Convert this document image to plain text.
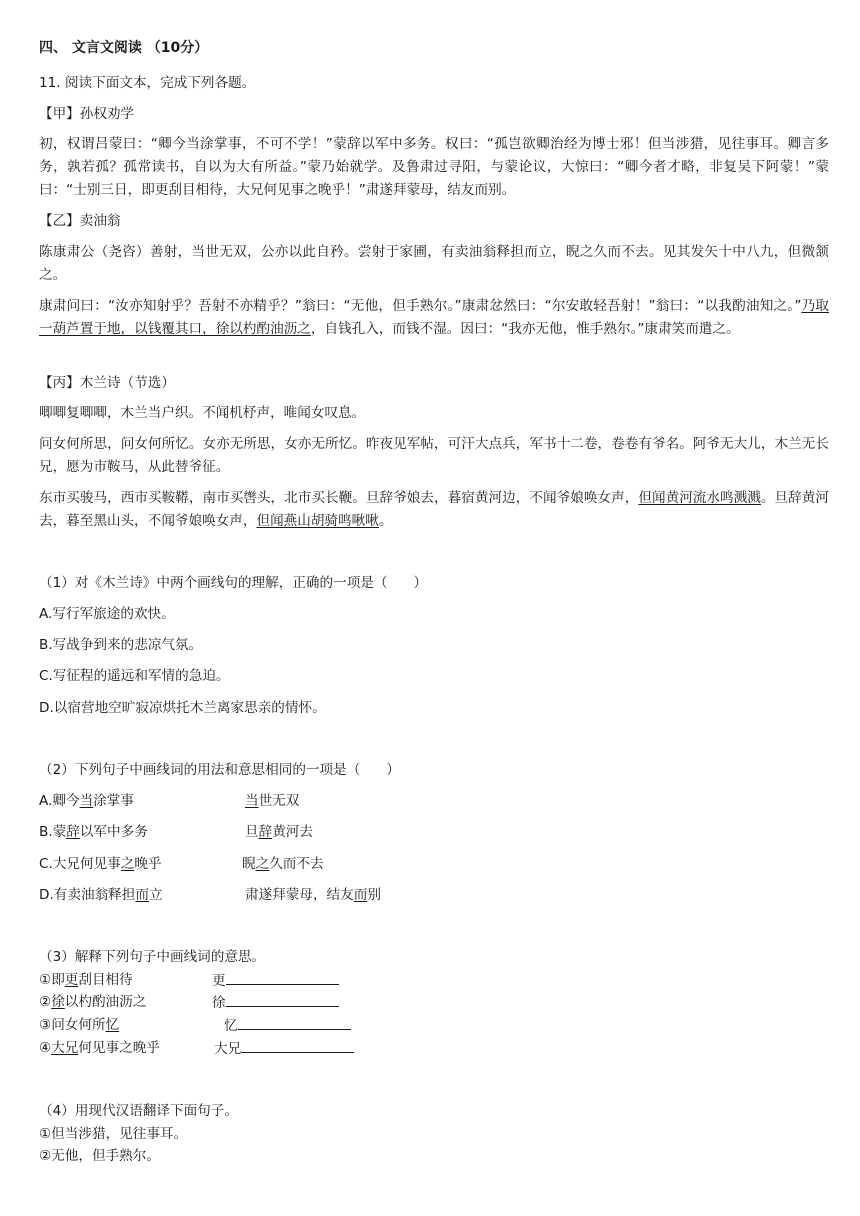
四、 文言文阅读 （10分）
11. 阅读下面文本，完成下列各题。
【甲】孙权劝学

初，权谓吕蒙曰：“卿今当涂掌事，不可不学！”蒙辞以军中多务。权曰：“孤岂欲卿治经为博士邪！但当涉猎，见往事耳。卿言多务，孰若孤？孤常读书，自以为大有所益。”蒙乃始就学。及鲁肃过寻阳，与蒙论议，大惊曰：“卿今者才略，非复吴下阿蒙！”蒙曰：“士别三日，即更刮目相待，大兄何见事之晚乎！”肃遂拜蒙母，结友而别。

【乙】卖油翁

陈康肃公（尧咨）善射，当世无双，公亦以此自矜。尝射于家圃，有卖油翁释担而立，睨之久而不去。见其发矢十中八九，但微颔之。

康肃问曰：“汝亦知射乎？吾射不亦精乎？”翁曰：“无他，但手熟尔。”康肃忿然曰：“尔安敢轻吾射！”翁曰：“以我酌油知之。”乃取一葫芦置于地，以钱覆其口，徐以杓酌油沥之，自钱孔入，而钱不湿。因曰：“我亦无他，惟手熟尔。”康肃笑而遣之。

【丙】木兰诗（节选）

唧唧复唧唧，木兰当户织。不闻机杼声，唯闻女叹息。

问女何所思，问女何所忆。女亦无所思，女亦无所忆。昨夜见军帖，可汗大点兵，军书十二卷，卷卷有爷名。阿爷无大儿，木兰无长兄，愿为市鞍马，从此替爷征。

东市买骏马，西市买鞍鞯，南市买辔头，北市买长鞭。旦辞爷娘去，暮宿黄河边，不闻爷娘唤女声，但闻黄河流水鸣溅溅。旦辞黄河去，暮至黑山头，不闻爷娘唤女声，但闻燕山胡骑鸣啾啾。

（1）对《木兰诗》中两个画线句的理解，正确的一项是（ ）
A.写行军旅途的欢快。
B.写战争到来的悲凉气氛。
C.写征程的遥远和军情的急迫。
D.以宿营地空旷寂凉烘托木兰离家思亲的情怀。
（2）下列句子中画线词的用法和意思相同的一项是（ ）
A.卿今当涂掌事	当世无双
B.蒙辞以军中多务	旦辞黄河去
C.大兄何见事之晚乎	睨之久而不去
D.有卖油翁释担而立	肃遂拜蒙母，结友而别
（3）解释下列句子中画线词的意思。
①即更刮目相待	更
②徐以杓酌油沥之	徐
③问女何所忆	忆
④大兄何见事之晚乎	大兄
（4）用现代汉语翻译下面句子。
①但当涉猎，见往事耳。
②无他，但手熟尔。
